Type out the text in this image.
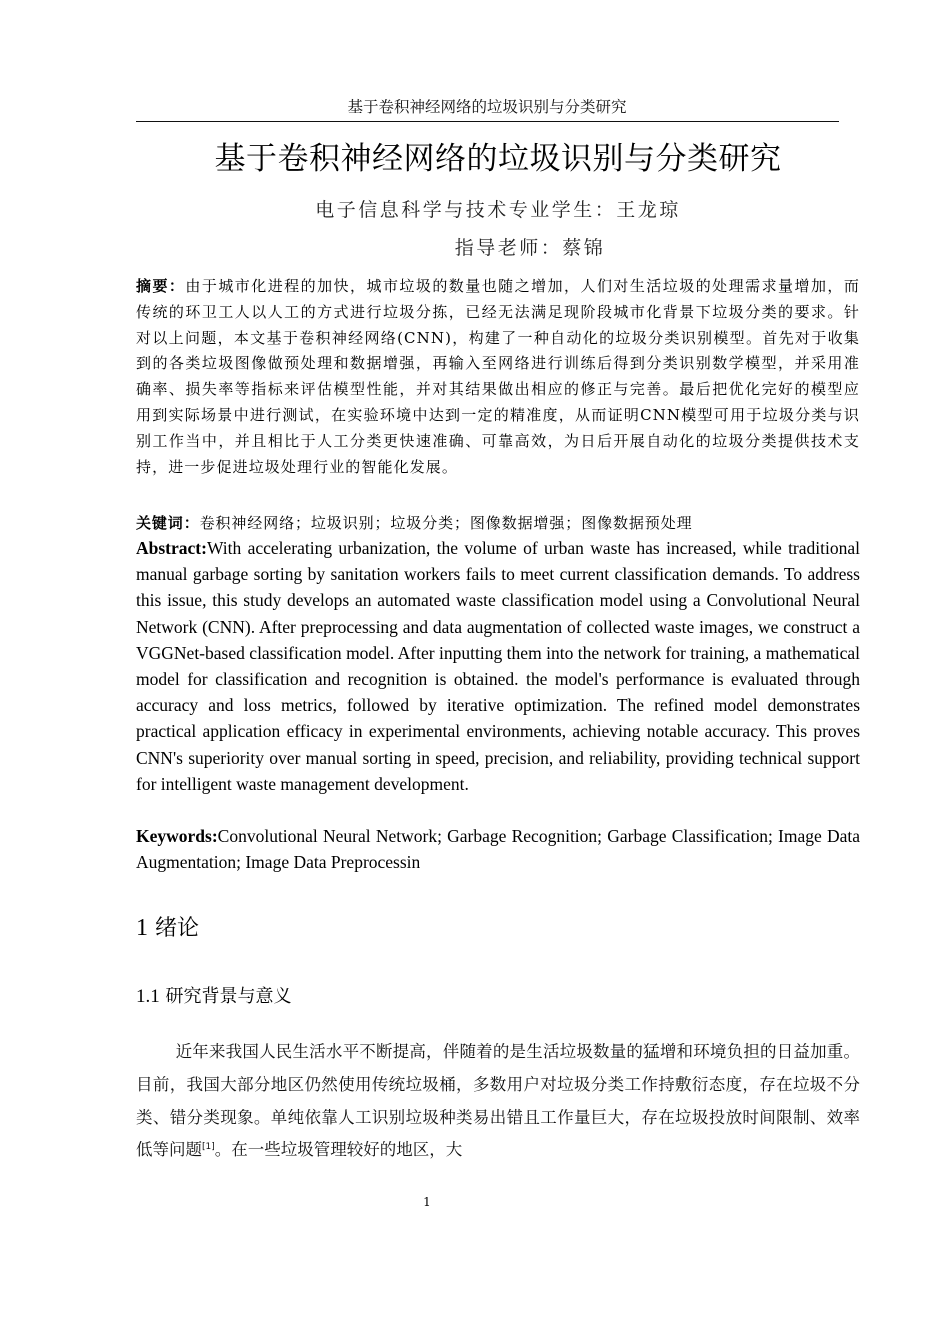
基于卷积神经网络的垃圾识别与分类研究
基于卷积神经网络的垃圾识别与分类研究
电子信息科学与技术专业学生：王龙琼
指导老师：蔡锦
摘要：由于城市化进程的加快，城市垃圾的数量也随之增加，人们对生活垃圾的处理需求量增加，而传统的环卫工人以人工的方式进行垃圾分拣，已经无法满足现阶段城市化背景下垃圾分类的要求。针对以上问题，本文基于卷积神经网络(CNN)，构建了一种自动化的垃圾分类识别模型。首先对于收集到的各类垃圾图像做预处理和数据增强，再输入至网络进行训练后得到分类识别数学模型，并采用准确率、损失率等指标来评估模型性能，并对其结果做出相应的修正与完善。最后把优化完好的模型应用到实际场景中进行测试，在实验环境中达到一定的精准度，从而证明CNN模型可用于垃圾分类与识别工作当中，并且相比于人工分类更快速准确、可靠高效，为日后开展自动化的垃圾分类提供技术支持，进一步促进垃圾处理行业的智能化发展。
关键词：卷积神经网络；垃圾识别；垃圾分类；图像数据增强；图像数据预处理
Abstract:With accelerating urbanization, the volume of urban waste has increased, while traditional manual garbage sorting by sanitation workers fails to meet current classification demands. To address this issue, this study develops an automated waste classification model using a Convolutional Neural Network (CNN). After preprocessing and data augmentation of collected waste images, we construct a VGGNet-based classification model. After inputting them into the network for training, a mathematical model for classification and recognition is obtained. the model's performance is evaluated through accuracy and loss metrics, followed by iterative optimization. The refined model demonstrates practical application efficacy in experimental environments, achieving notable accuracy. This proves CNN's superiority over manual sorting in speed, precision, and reliability, providing technical support for intelligent waste management development.
Keywords:Convolutional Neural Network; Garbage Recognition; Garbage Classification; Image Data Augmentation; Image Data Preprocessin
1 绪论
1.1 研究背景与意义
近年来我国人民生活水平不断提高，伴随着的是生活垃圾数量的猛增和环境负担的日益加重。目前，我国大部分地区仍然使用传统垃圾桶，多数用户对垃圾分类工作持敷衍态度，存在垃圾不分类、错分类现象。单纯依靠人工识别垃圾种类易出错且工作量巨大，存在垃圾投放时间限制、效率低等问题[1]。在一些垃圾管理较好的地区，大
1
